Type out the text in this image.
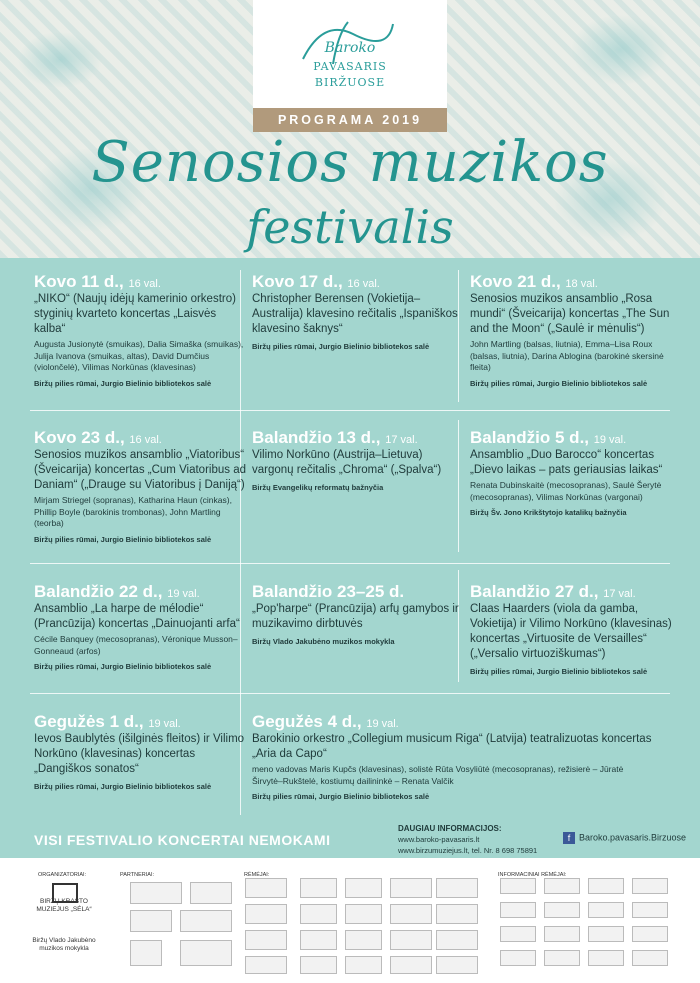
Baroko
PAVASARIS
BIRŽUOSE
PROGRAMA 2019
Senosios muzikos
festivalis
Kovo 11 d., 16 val.
„NIKO“ (Naujų idėjų kamerinio orkestro) styginių kvarteto koncertas „Laisvės kalba“
Augusta Jusionytė (smuikas), Dalia Simaška (smuikas), Julija Ivanova (smuikas, altas), David Dumčius (violončelė), Vilimas Norkūnas (klavesinas)
Biržų pilies rūmai, Jurgio Bielinio bibliotekos salė
Kovo 17 d., 16 val.
Christopher Berensen (Vokietija–Australija) klavesino rečitalis „Ispaniškos klavesino šaknys“
Biržų pilies rūmai, Jurgio Bielinio bibliotekos salė
Kovo 21 d., 18 val.
Senosios muzikos ansamblio „Rosa mundi“ (Šveicarija) koncertas „The Sun and the Moon“ („Saulė ir mėnulis“)
John Martling (balsas, liutnia), Emma–Lisa Roux (balsas, liutnia), Darina Ablogina (barokinė skersinė fleita)
Biržų pilies rūmai, Jurgio Bielinio bibliotekos salė
Kovo 23 d., 16 val.
Senosios muzikos ansamblio „Viatoribus“ (Šveicarija) koncertas „Cum Viatoribus ad Daniam“ („Drauge su Viatoribus į Daniją“)
Mirjam Striegel (sopranas), Katharina Haun (cinkas), Phillip Boyle (barokinis trombonas), John Martling (teorba)
Biržų pilies rūmai, Jurgio Bielinio bibliotekos salė
Balandžio 13 d., 17 val.
Vilimo Norkūno (Austrija–Lietuva) vargonų rečitalis „Chroma“ („Spalva“)
Biržų Evangelikų reformatų bažnyčia
Balandžio 5 d., 19 val.
Ansamblio „Duo Barocco“ koncertas „Dievo laikas – pats geriausias laikas“
Renata Dubinskaitė (mecosopranas), Saulė Šerytė (mecosopranas), Vilimas Norkūnas (vargonai)
Biržų Šv. Jono Krikštytojo katalikų bažnyčia
Balandžio 22 d., 19 val.
Ansamblio „La harpe de mélodie“ (Prancūzija) koncertas „Dainuojanti arfa“
Cécile Banquey (mecosopranas), Véronique Musson–Gonneaud (arfos)
Biržų pilies rūmai, Jurgio Bielinio bibliotekos salė
Balandžio 23–25 d.
„Pop'harpe“ (Prancūzija) arfų gamybos ir muzikavimo dirbtuvės
Biržų Vlado Jakubėno muzikos mokykla
Balandžio 27 d., 17 val.
Claas Haarders (viola da gamba, Vokietija) ir Vilimo Norkūno (klavesinas) koncertas „Virtuosite de Versailles“ („Versalio virtuoziškumas“)
Biržų pilies rūmai, Jurgio Bielinio bibliotekos salė
Gegužės 1 d., 19 val.
Ievos Baublytės (išilginės fleitos) ir Vilimo Norkūno (klavesinas) koncertas „Dangiškos sonatos“
Biržų pilies rūmai, Jurgio Bielinio bibliotekos salė
Gegužės 4 d., 19 val.
Barokinio orkestro „Collegium musicum Riga“ (Latvija) teatralizuotas koncertas „Aria da Capo“
meno vadovas Maris Kupčs (klavesinas), solistė Rūta Vosyliūtė (mecosopranas), režisierė – Jūratė Širvytė–Rukštelė, kostiumų dailininkė – Renata Valčik
Biržų pilies rūmai, Jurgio Bielinio bibliotekos salė
VISI FESTIVALIO KONCERTAI NEMOKAMI
DAUGIAU INFORMACIJOS:
www.baroko-pavasaris.lt
www.birzumuziejus.lt, tel. Nr. 8 698 75891
f Baroko.pavasaris.Birzuose
ORGANIZATORIAI:	PARTNERIAI:	RĖMĖJAI:	INFORMACINIAI RĖMĖJAI:
BIRŽŲ KRAŠTO MUZIEJUS „SĖLA“
Biržų Vlado Jakubėno muzikos mokykla
